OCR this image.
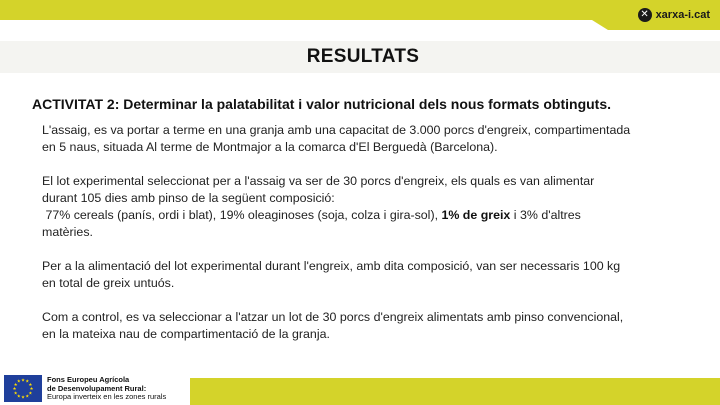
✕ xarxa-i.cat
RESULTATS
ACTIVITAT 2: Determinar la palatabilitat i valor nutricional dels nous formats obtinguts.

L'assaig, es va portar a terme en una granja amb una capacitat de 3.000 porcs d'engreix, compartimentada en 5 naus, situada Al terme de Montmajor a la comarca d'El Berguedà (Barcelona).

El lot experimental seleccionat per a l'assaig va ser de 30 porcs d'engreix, els quals es van alimentar durant 105 dies amb pinso de la següent composició:
77% cereals (panís, ordi i blat), 19% oleaginoses (soja, colza i gira-sol), 1% de greix i 3% d'altres matèries.

Per a la alimentació del lot experimental durant l'engreix, amb dita composició, van ser necessaris 100 kg en total de greix untuós.

Com a control, es va seleccionar a l'atzar un lot de 30 porcs d'engreix alimentats amb pinso convencional, en la mateixa nau de compartimentació de la granja.

★ ★
★
★
★
★
★
★
★
★
★
★	Fons Europeu Agrícola
de Desenvolupament Rural:
Europa inverteix en les zones rurals
